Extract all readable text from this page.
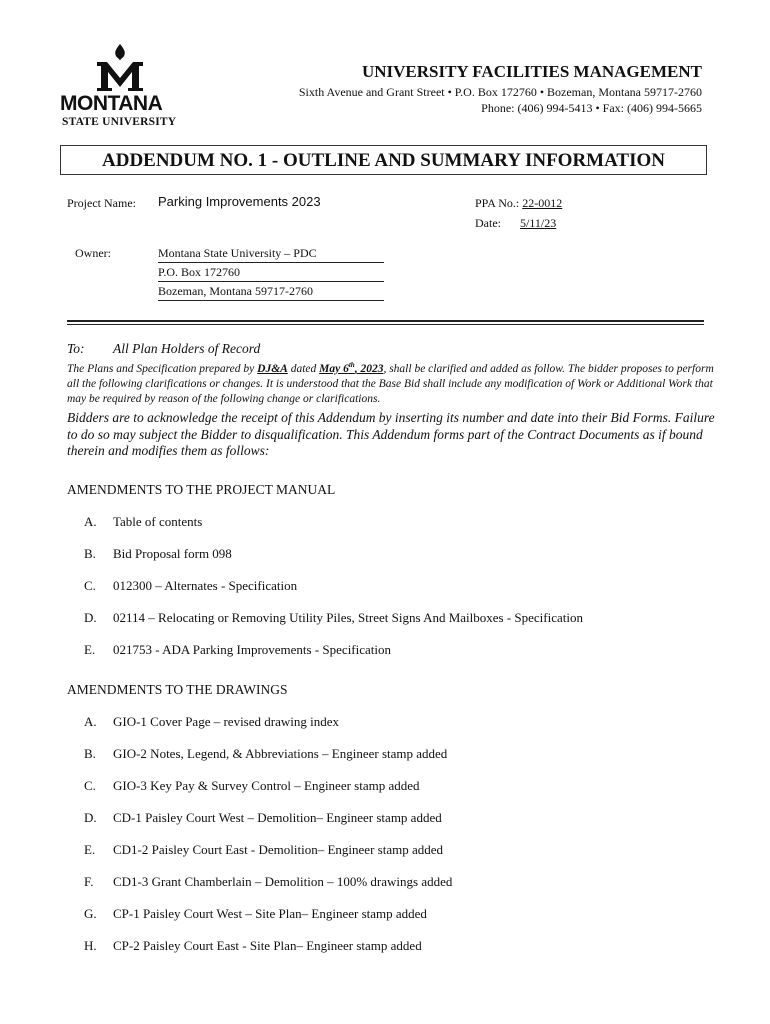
MONTANA
STATE UNIVERSITY
UNIVERSITY FACILITIES MANAGEMENT
Sixth Avenue and Grant Street • P.O. Box 172760 • Bozeman, Montana 59717-2760
Phone: (406) 994-5413 • Fax: (406) 994-5665
ADDENDUM NO. 1 - OUTLINE AND SUMMARY INFORMATION
Project Name: Parking Improvements 2023	PPA No.: 22-0012
Date: 5/11/23
Owner:	Montana State University – PDC
P.O. Box 172760
Bozeman, Montana 59717-2760
To: All Plan Holders of Record
The Plans and Specification prepared by DJ&A dated May 6th, 2023, shall be clarified and added as follow. The bidder proposes to perform all the following clarifications or changes. It is understood that the Base Bid shall include any modification of Work or Additional Work that may be required by reason of the following change or clarifications.
Bidders are to acknowledge the receipt of this Addendum by inserting its number and date into their Bid Forms. Failure to do so may subject the Bidder to disqualification. This Addendum forms part of the Contract Documents as if bound therein and modifies them as follows:
AMENDMENTS TO THE PROJECT MANUAL
A. Table of contents
B. Bid Proposal form 098
C. 012300 – Alternates - Specification
D. 02114 – Relocating or Removing Utility Piles, Street Signs And Mailboxes - Specification
E. 021753 - ADA Parking Improvements - Specification
AMENDMENTS TO THE DRAWINGS
A. GIO-1 Cover Page – revised drawing index
B. GIO-2 Notes, Legend, & Abbreviations – Engineer stamp added
C. GIO-3 Key Pay & Survey Control – Engineer stamp added
D. CD-1 Paisley Court West – Demolition– Engineer stamp added
E. CD1-2 Paisley Court East - Demolition– Engineer stamp added
F. CD1-3 Grant Chamberlain – Demolition – 100% drawings added
G. CP-1 Paisley Court West – Site Plan– Engineer stamp added
H. CP-2 Paisley Court East - Site Plan– Engineer stamp added
